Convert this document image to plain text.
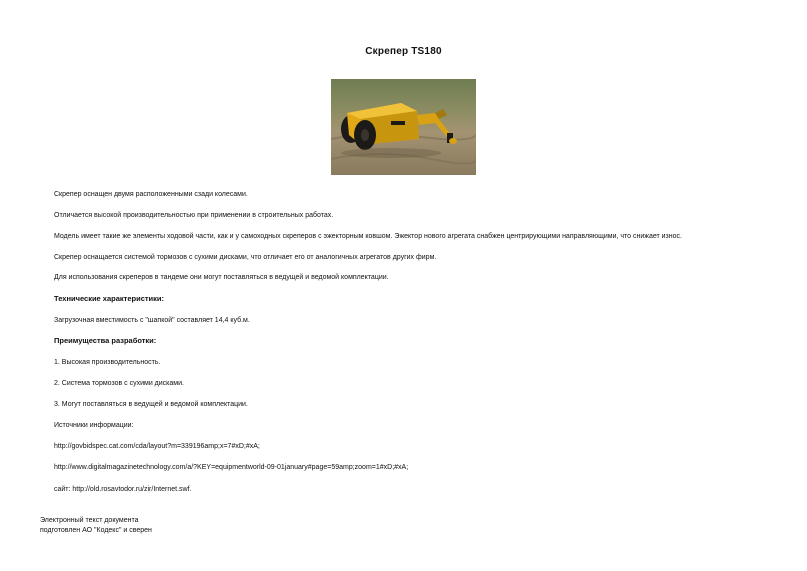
Скрепер TS180
Скрепер оснащен двумя расположенными сзади колесами.
Отличается высокой производительностью при применении в строительных работах.
Модель имеет такие же элементы ходовой части, как и у самоходных скреперов с эжекторным ковшом. Эжектор нового агрегата снабжен центрирующими направляющими, что снижает износ.
Скрепер оснащается системой тормозов с сухими дисками, что отличает его от аналогичных агрегатов других фирм.
Для использования скреперов в тандеме они могут поставляться в ведущей и ведомой комплектации.
Технические характеристики:
Загрузочная вместимость с "шапкой" составляет 14,4 куб.м.
Преимущества разработки:
1. Высокая производительность.
2. Система тормозов с сухими дисками.
3. Могут поставляться в ведущей и ведомой комплектации.
Источники информации:
http://govbidspec.cat.com/cda/layout?m=339196amp;x=7#xD;#xA;
http://www.digitalmagazinetechnology.com/a/?KEY=equipmentworld-09-01january#page=59amp;zoom=1#xD;#xA;
сайт: http://old.rosavtodor.ru/zir/Internet.swf.
Электронный текст документа
подготовлен АО "Кодекс" и сверен
